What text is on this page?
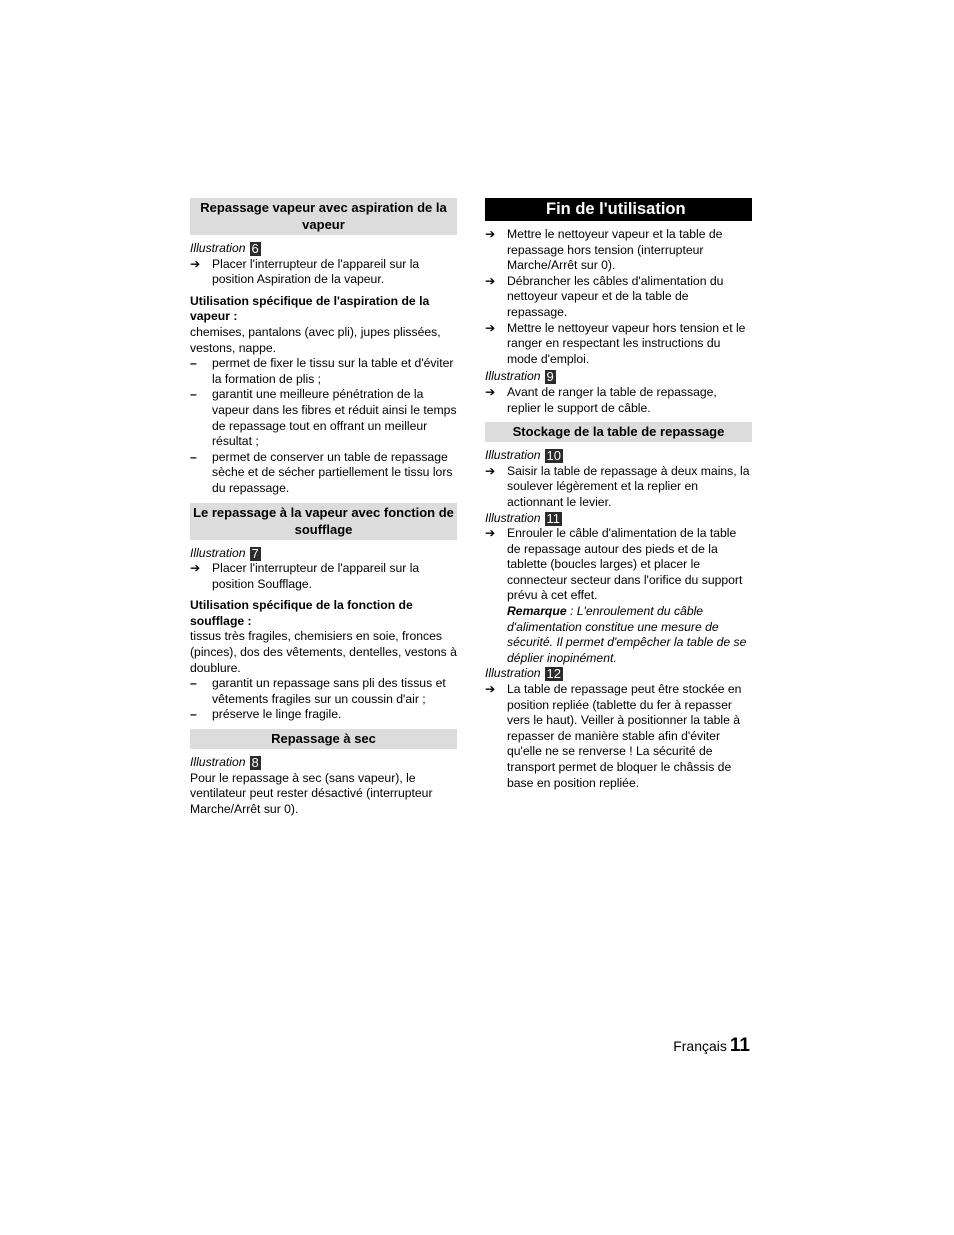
Repassage vapeur avec aspiration de la vapeur
Illustration 6
➔ Placer l'interrupteur de l'appareil sur la position Aspiration de la vapeur.
Utilisation spécifique de l'aspiration de la vapeur :
chemises, pantalons (avec pli), jupes plissées, vestons, nappe.
– permet de fixer le tissu sur la table et d'éviter la formation de plis ;
– garantit une meilleure pénétration de la vapeur dans les fibres et réduit ainsi le temps de repassage tout en offrant un meilleur résultat ;
– permet de conserver un table de repassage sèche et de sécher partiellement le tissu lors du repassage.
Le repassage à la vapeur avec fonction de soufflage
Illustration 7
➔ Placer l'interrupteur de l'appareil sur la position Soufflage.
Utilisation spécifique de la fonction de soufflage :
tissus très fragiles, chemisiers en soie, fronces (pinces), dos des vêtements, dentelles, vestons à doublure.
– garantit un repassage sans pli des tissus et vêtements fragiles sur un coussin d'air ;
– préserve le linge fragile.
Repassage à sec
Illustration 8
Pour le repassage à sec (sans vapeur), le ventilateur peut rester désactivé (interrupteur Marche/Arrêt sur 0).
Fin de l'utilisation
➔ Mettre le nettoyeur vapeur et la table de repassage hors tension (interrupteur Marche/Arrêt sur 0).
➔ Débrancher les câbles d'alimentation du nettoyeur vapeur et de la table de repassage.
➔ Mettre le nettoyeur vapeur hors tension et le ranger en respectant les instructions du mode d'emploi.
Illustration 9
➔ Avant de ranger la table de repassage, replier le support de câble.
Stockage de la table de repassage
Illustration 10
➔ Saisir la table de repassage à deux mains, la soulever légèrement et la replier en actionnant le levier.
Illustration 11
➔ Enrouler le câble d'alimentation de la table de repassage autour des pieds et de la tablette (boucles larges) et placer le connecteur secteur dans l'orifice du support prévu à cet effet.
Remarque : L'enroulement du câble d'alimentation constitue une mesure de sécurité. Il permet d'empêcher la table de se déplier inopinément.
Illustration 12
➔ La table de repassage peut être stockée en position repliée (tablette du fer à repasser vers le haut). Veiller à positionner la table à repasser de manière stable afin d'éviter qu'elle ne se renverse ! La sécurité de transport permet de bloquer le châssis de base en position repliée.
Français 11
